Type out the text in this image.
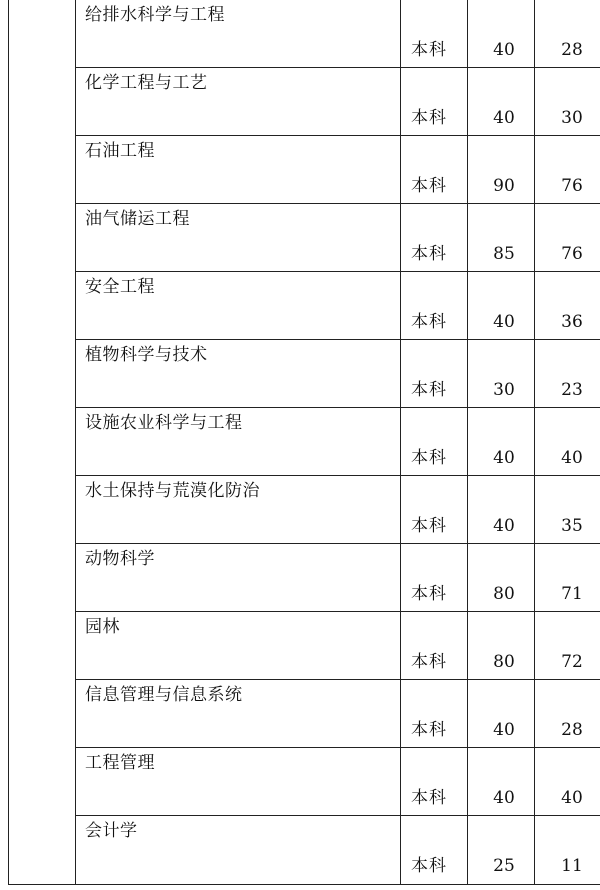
给排水科学与工程
本科	40	28
化学工程与工艺
本科	40	30
石油工程
本科	90	76
油气储运工程
本科	85	76
安全工程
本科	40	36
植物科学与技术
本科	30	23
设施农业科学与工程
本科	40	40
水土保持与荒漠化防治
本科	40	35
动物科学
本科	80	71
园林
本科	80	72
信息管理与信息系统
本科	40	28
工程管理
本科	40	40
会计学
本科	25	11
